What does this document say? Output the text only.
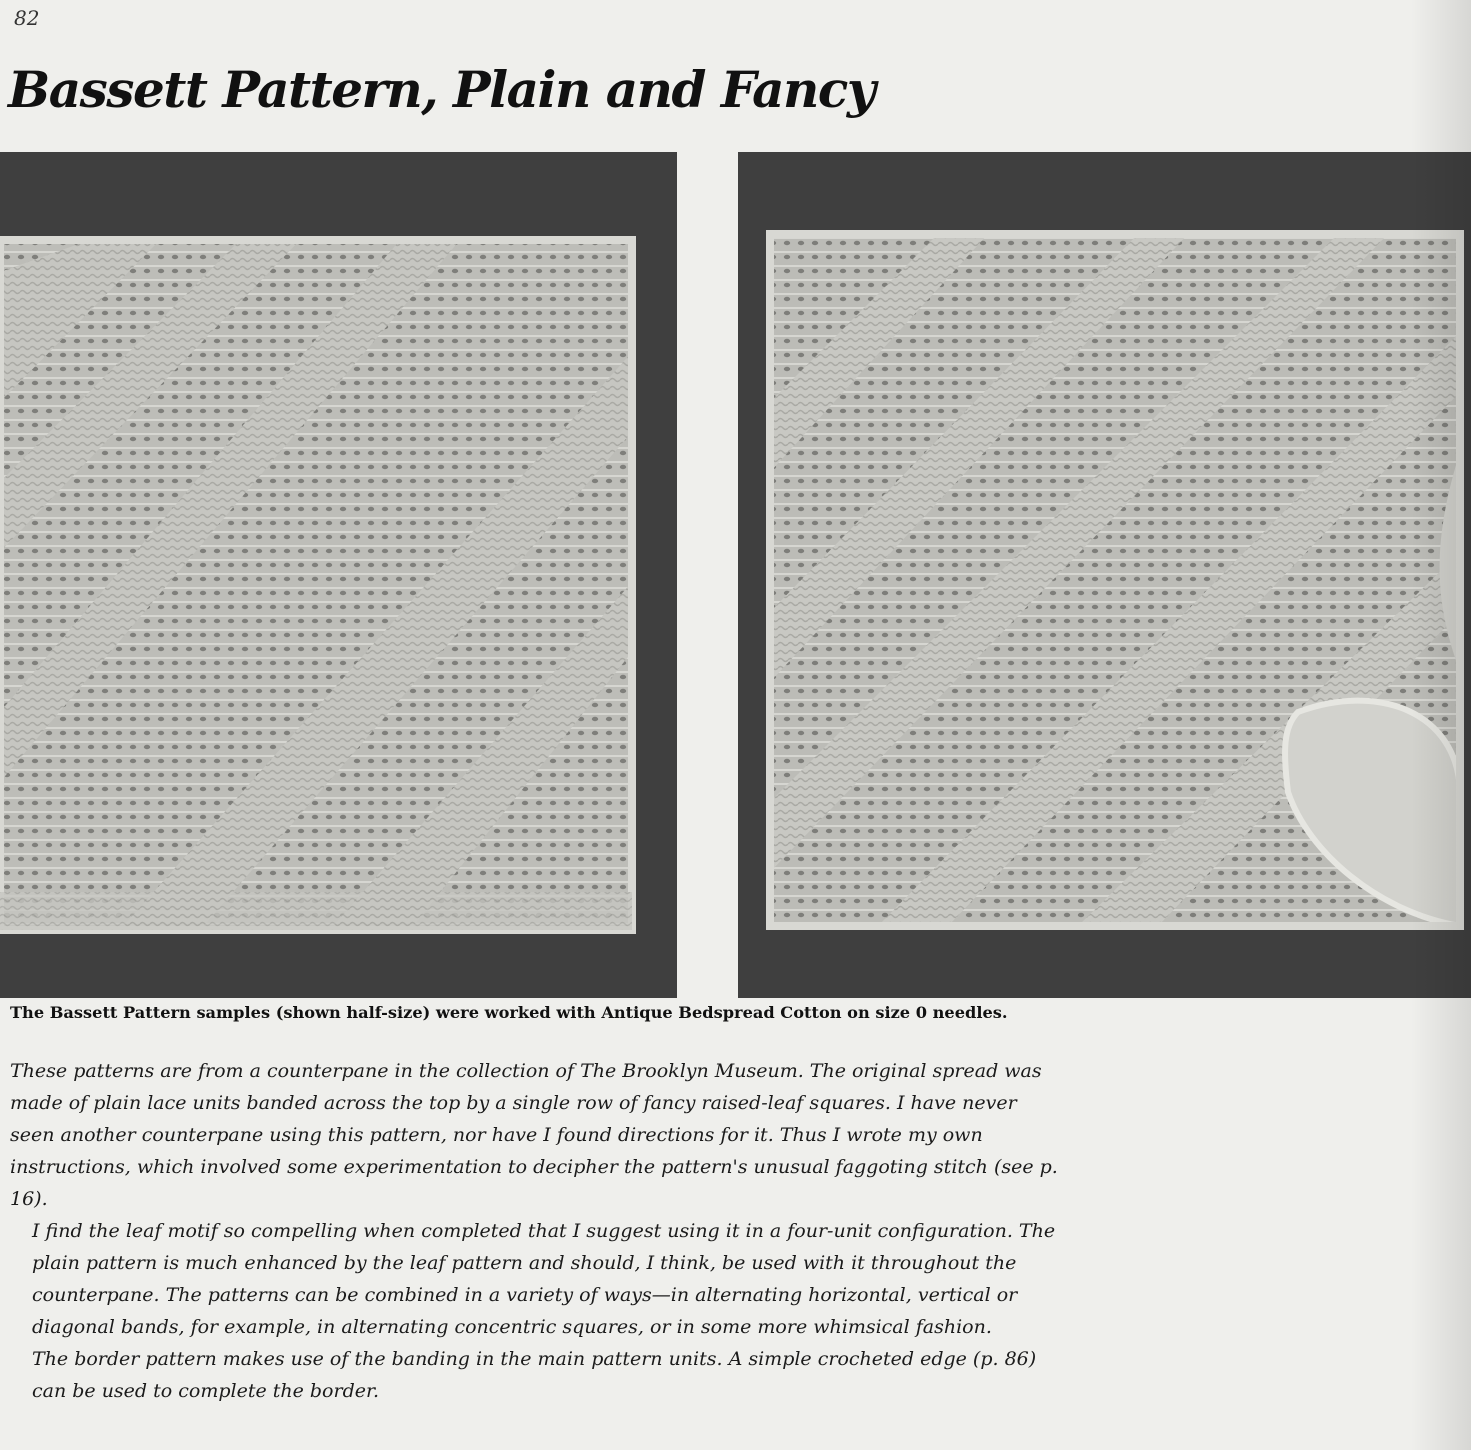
82
Bassett Pattern, Plain and Fancy

The Bassett Pattern samples (shown half-size) were worked with Antique Bedspread Cotton on size 0 needles.

These patterns are from a counterpane in the collection of The Brooklyn Museum. The original spread was made of plain lace units banded across the top by a single row of fancy raised-leaf squares. I have never seen another counterpane using this pattern, nor have I found directions for it. Thus I wrote my own instructions, which involved some experimentation to decipher the pattern's unusual faggoting stitch (see p. 16).
I find the leaf motif so compelling when completed that I suggest using it in a four-unit configuration. The plain pattern is much enhanced by the leaf pattern and should, I think, be used with it throughout the counterpane. The patterns can be combined in a variety of ways—in alternating horizontal, vertical or diagonal bands, for example, in alternating concentric squares, or in some more whimsical fashion.
The border pattern makes use of the banding in the main pattern units. A simple crocheted edge (p. 86) can be used to complete the border.
